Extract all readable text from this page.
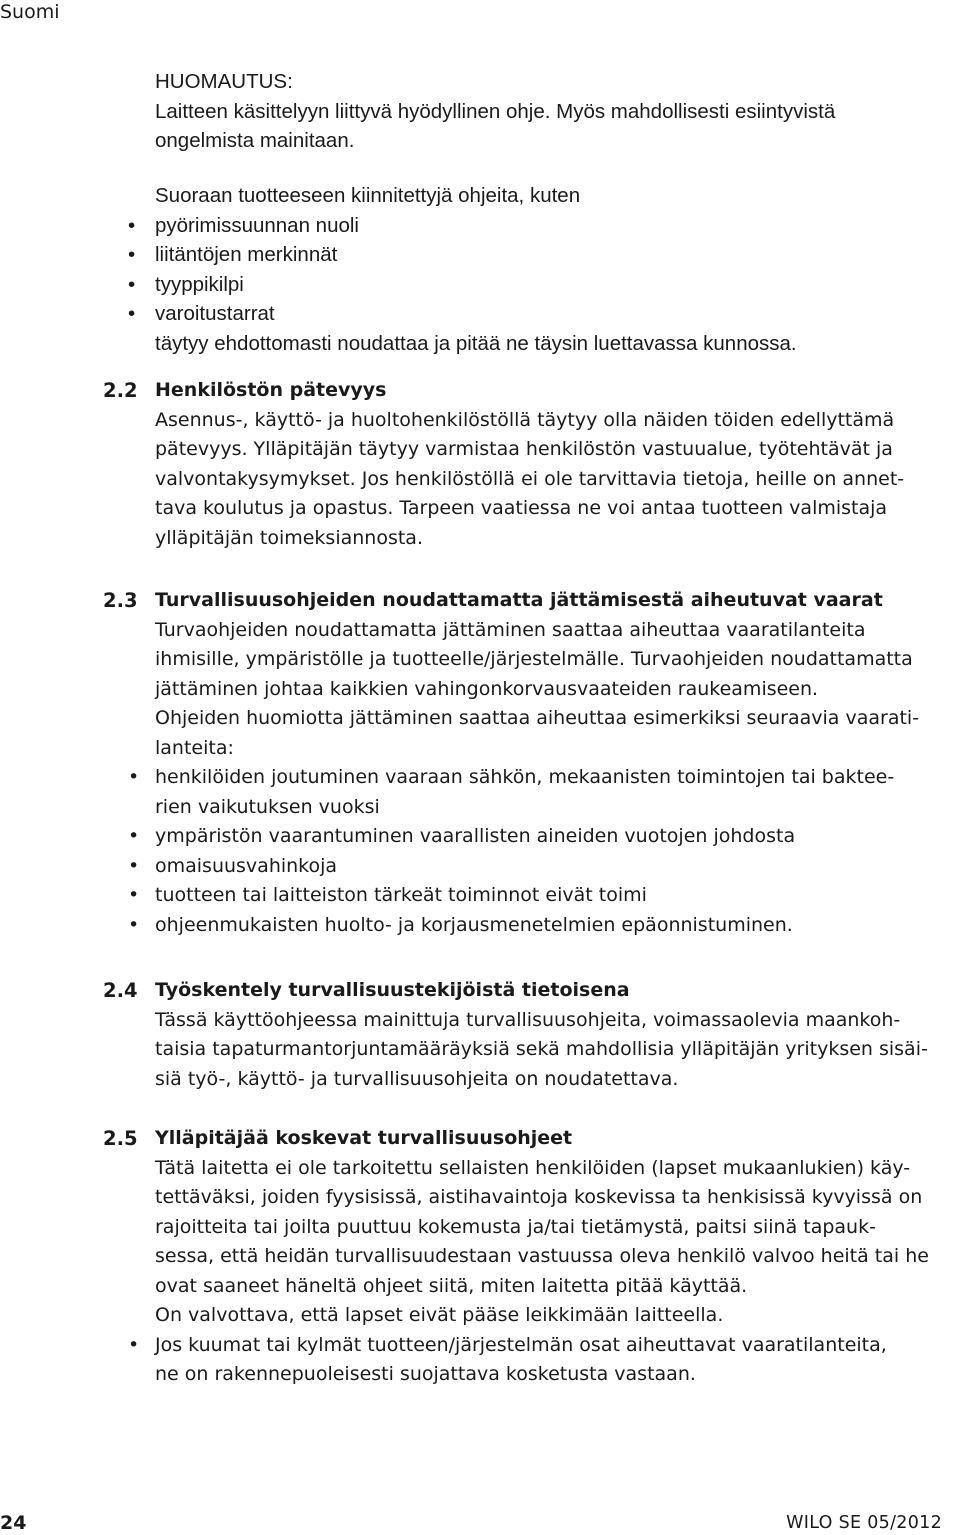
Suomi
HUOMAUTUS:
Laitteen käsittelyyn liittyvä hyödyllinen ohje. Myös mahdollisesti esiintyvistä
ongelmista mainitaan.
Suoraan tuotteeseen kiinnitettyjä ohjeita, kuten
• pyörimissuunnan nuoli
• liitäntöjen merkinnät
• tyyppikilpi
• varoitustarrat
täytyy ehdottomasti noudattaa ja pitää ne täysin luettavassa kunnossa.
2.2 Henkilöstön pätevyys
Asennus-, käyttö- ja huoltohenkilöstöllä täytyy olla näiden töiden edellyttämä
pätevyys. Ylläpitäjän täytyy varmistaa henkilöstön vastuualue, työtehtävät ja
valvontakysymykset. Jos henkilöstöllä ei ole tarvittavia tietoja, heille on annet-
tava koulutus ja opastus. Tarpeen vaatiessa ne voi antaa tuotteen valmistaja
ylläpitäjän toimeksiannosta.
2.3 Turvallisuusohjeiden noudattamatta jättämisestä aiheutuvat vaarat
Turvaohjeiden noudattamatta jättäminen saattaa aiheuttaa vaaratilanteita
ihmisille, ympäristölle ja tuotteelle/järjestelmälle. Turvaohjeiden noudattamatta
jättäminen johtaa kaikkien vahingonkorvausvaateiden raukeamiseen.
Ohjeiden huomiotta jättäminen saattaa aiheuttaa esimerkiksi seuraavia vaarati-
lanteita:
• henkilöiden joutuminen vaaraan sähkön, mekaanisten toimintojen tai baktee-
rien vaikutuksen vuoksi
• ympäristön vaarantuminen vaarallisten aineiden vuotojen johdosta
• omaisuusvahinkoja
• tuotteen tai laitteiston tärkeät toiminnot eivät toimi
• ohjeenmukaisten huolto- ja korjausmenetelmien epäonnistuminen.
2.4 Työskentely turvallisuustekijöistä tietoisena
Tässä käyttöohjeessa mainittuja turvallisuusohjeita, voimassaolevia maankoh-
taisia tapaturmantorjuntamääräyksiä sekä mahdollisia ylläpitäjän yrityksen sisäi-
siä työ-, käyttö- ja turvallisuusohjeita on noudatettava.
2.5 Ylläpitäjää koskevat turvallisuusohjeet
Tätä laitetta ei ole tarkoitettu sellaisten henkilöiden (lapset mukaanlukien) käy-
tettäväksi, joiden fyysisissä, aistihavaintoja koskevissa ta henkisissä kyvyissä on
rajoitteita tai joilta puuttuu kokemusta ja/tai tietämystä, paitsi siinä tapauk-
sessa, että heidän turvallisuudestaan vastuussa oleva henkilö valvoo heitä tai he
ovat saaneet häneltä ohjeet siitä, miten laitetta pitää käyttää.
On valvottava, että lapset eivät pääse leikkimään laitteella.
• Jos kuumat tai kylmät tuotteen/järjestelmän osat aiheuttavat vaaratilanteita,
ne on rakennepuoleisesti suojattava kosketusta vastaan.
24	WILO SE 05/2012
